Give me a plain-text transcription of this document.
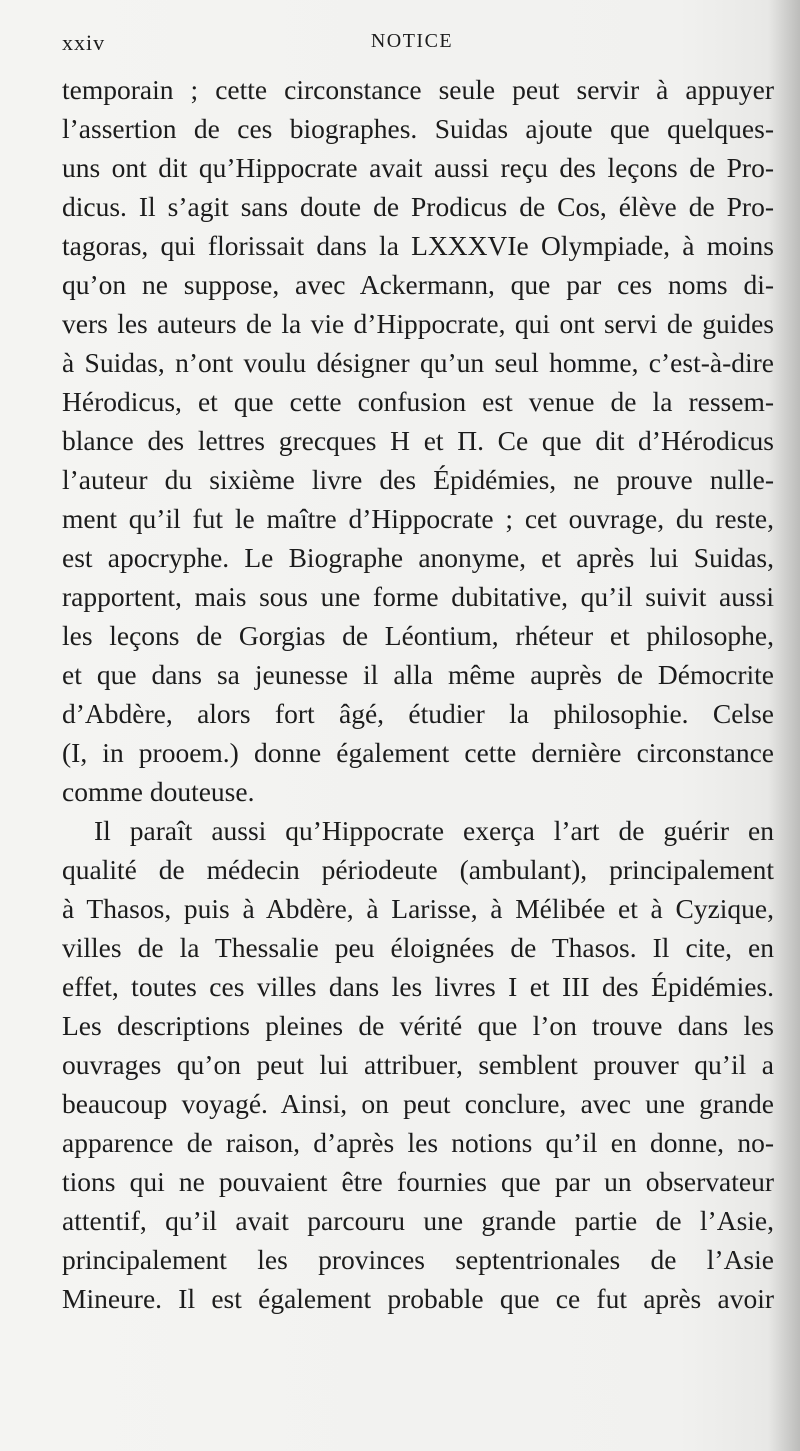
xxiv	NOTICE
temporain ; cette circonstance seule peut servir à appuyer
l’assertion de ces biographes. Suidas ajoute que quelques-
uns ont dit qu’Hippocrate avait aussi reçu des leçons de Pro-
dicus. Il s’agit sans doute de Prodicus de Cos, élève de Pro-
tagoras, qui florissait dans la LXXXVIe Olympiade, à moins
qu’on ne suppose, avec Ackermann, que par ces noms di-
vers les auteurs de la vie d’Hippocrate, qui ont servi de guides
à Suidas, n’ont voulu désigner qu’un seul homme, c’est-à-dire
Hérodicus, et que cette confusion est venue de la ressem-
blance des lettres grecques H et Π. Ce que dit d’Hérodicus
l’auteur du sixième livre des Épidémies, ne prouve nulle-
ment qu’il fut le maître d’Hippocrate ; cet ouvrage, du reste,
est apocryphe. Le Biographe anonyme, et après lui Suidas,
rapportent, mais sous une forme dubitative, qu’il suivit aussi
les leçons de Gorgias de Léontium, rhéteur et philosophe,
et que dans sa jeunesse il alla même auprès de Démocrite
d’Abdère, alors fort âgé, étudier la philosophie. Celse
(I, in prooem.) donne également cette dernière circonstance
comme douteuse.
Il paraît aussi qu’Hippocrate exerça l’art de guérir en
qualité de médecin périodeute (ambulant), principalement
à Thasos, puis à Abdère, à Larisse, à Mélibée et à Cyzique,
villes de la Thessalie peu éloignées de Thasos. Il cite, en
effet, toutes ces villes dans les livres I et III des Épidémies.
Les descriptions pleines de vérité que l’on trouve dans les
ouvrages qu’on peut lui attribuer, semblent prouver qu’il a
beaucoup voyagé. Ainsi, on peut conclure, avec une grande
apparence de raison, d’après les notions qu’il en donne, no-
tions qui ne pouvaient être fournies que par un observateur
attentif, qu’il avait parcouru une grande partie de l’Asie,
principalement les provinces septentrionales de l’Asie
Mineure. Il est également probable que ce fut après avoir
